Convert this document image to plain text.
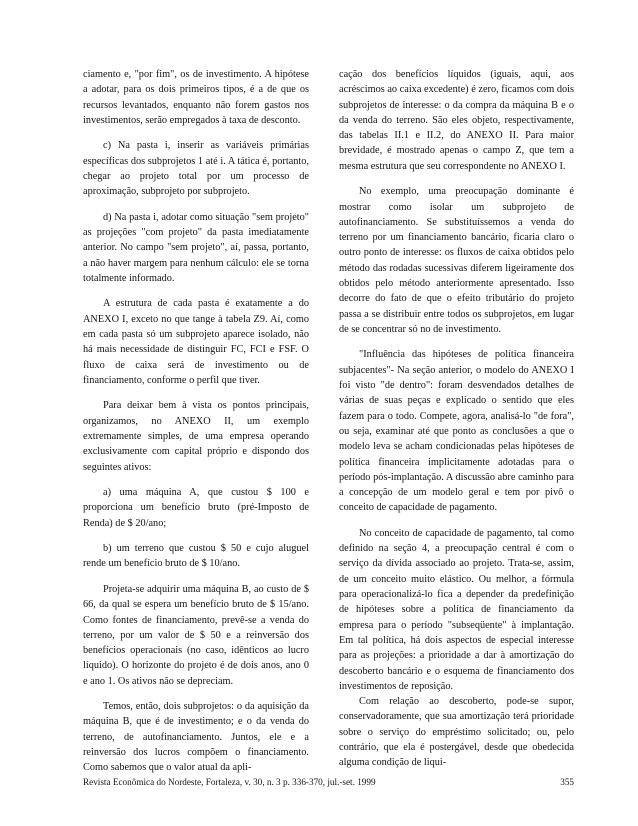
ciamento e, "por fim", os de investimento. A hipótese a adotar, para os dois primeiros tipos, é a de que os recursos levantados, enquanto não forem gastos nos investimentos, serão empregados à taxa de desconto.

c) Na pasta i, inserir as variáveis primárias específicas dos subprojetos 1 até i. A tática é, portanto, chegar ao projeto total por um processo de aproximação, subprojeto por subprojeto.

d) Na pasta i, adotar como situação "sem projeto" as projeções "com projeto" da pasta imediatamente anterior. No campo "sem projeto", aí, passa, portanto, a não haver margem para nenhum cálculo: ele se torna totalmente informado.

A estrutura de cada pasta é exatamente a do ANEXO I, exceto no que tange à tabela Z9. Aí, como em cada pasta só um subprojeto aparece isolado, não há mais necessidade de distinguir FC, FCI e FSF. O fluxo de caixa será de investimento ou de financiamento, conforme o perfil que tiver.

Para deixar bem à vista os pontos principais, organizamos, no ANEXO II, um exemplo extremamente simples, de uma empresa operando exclusivamente com capital próprio e dispondo dos seguintes ativos:

a) uma máquina A, que custou $ 100 e proporciona um benefício bruto (pré-Imposto de Renda) de $ 20/ano;

b) um terreno que custou $ 50 e cujo aluguel rende um benefício bruto de $ 10/ano.

Projeta-se adquirir uma máquina B, ao custo de $ 66, da qual se espera um benefício bruto de $ 15/ano. Como fontes de financiamento, prevê-se a venda do terreno, por um valor de $ 50 e a reinversão dos benefícios operacionais (no caso, idênticos ao lucro líquido). O horizonte do projeto é de dois anos, ano 0 e ano 1. Os ativos não se depreciam.

Temos, então, dois subprojetos: o da aquisição da máquina B, que é de investimento; e o da venda do terreno, de autofinanciamento. Juntos, ele e a reinversão dos lucros compõem o financiamento. Como sabemos que o valor atual da apli-

cação dos benefícios líquidos (iguais, aqui, aos acréscimos ao caixa excedente) é zero, ficamos com dois subprojetos de interesse: o da compra da máquina B e o da venda do terreno. São eles objeto, respectivamente, das tabelas II.1 e II.2, do ANEXO II. Para maior brevidade, é mostrado apenas o campo Z, que tem a mesma estrutura que seu correspondente no ANEXO I.

No exemplo, uma preocupação dominante é mostrar como isolar um subprojeto de autofinanciamento. Se substituíssemos a venda do terreno por um financiamento bancário, ficaria claro o outro ponto de interesse: os fluxos de caixa obtidos pelo método das rodadas sucessivas diferem ligeiramente dos obtidos pelo método anteriormente apresentado. Isso decorre do fato de que o efeito tributário do projeto passa a se distribuir entre todos os subprojetos, em lugar de se concentrar só no de investimento.

"Influência das hipóteses de política financeira subjacentes"- Na seção anterior, o modelo do ANEXO I foi visto "de dentro": foram desvendados detalhes de várias de suas peças e explicado o sentido que eles fazem para o todo. Compete, agora, analisá-lo "de fora", ou seja, examinar até que ponto as conclusões a que o modelo leva se acham condicionadas pelas hipóteses de política financeira implicitamente adotadas para o período pós-implantação. A discussão abre caminho para a concepção de um modelo geral e tem por pivô o conceito de capacidade de pagamento.

No conceito de capacidade de pagamento, tal como definido na seção 4, a preocupação central é com o serviço da dívida associado ao projeto. Trata-se, assim, de um conceito muito elástico. Ou melhor, a fórmula para operacionalizá-lo fica a depender da predefinição de hipóteses sobre a política de financiamento da empresa para o período "subseqüente" à implantação. Em tal política, há dois aspectos de especial interesse para as projeções: a prioridade a dar à amortização do descoberto bancário e o esquema de financiamento dos investimentos de reposição.

Com relação ao descoberto, pode-se supor, conservadoramente, que sua amortização terá prioridade sobre o serviço do empréstimo solicitado; ou, pelo contrário, que ela é postergável, desde que obedecida alguma condição de liqui-

Revista Econômica do Nordeste, Fortaleza, v. 30, n. 3 p. 336-370, jul.-set. 1999	355
